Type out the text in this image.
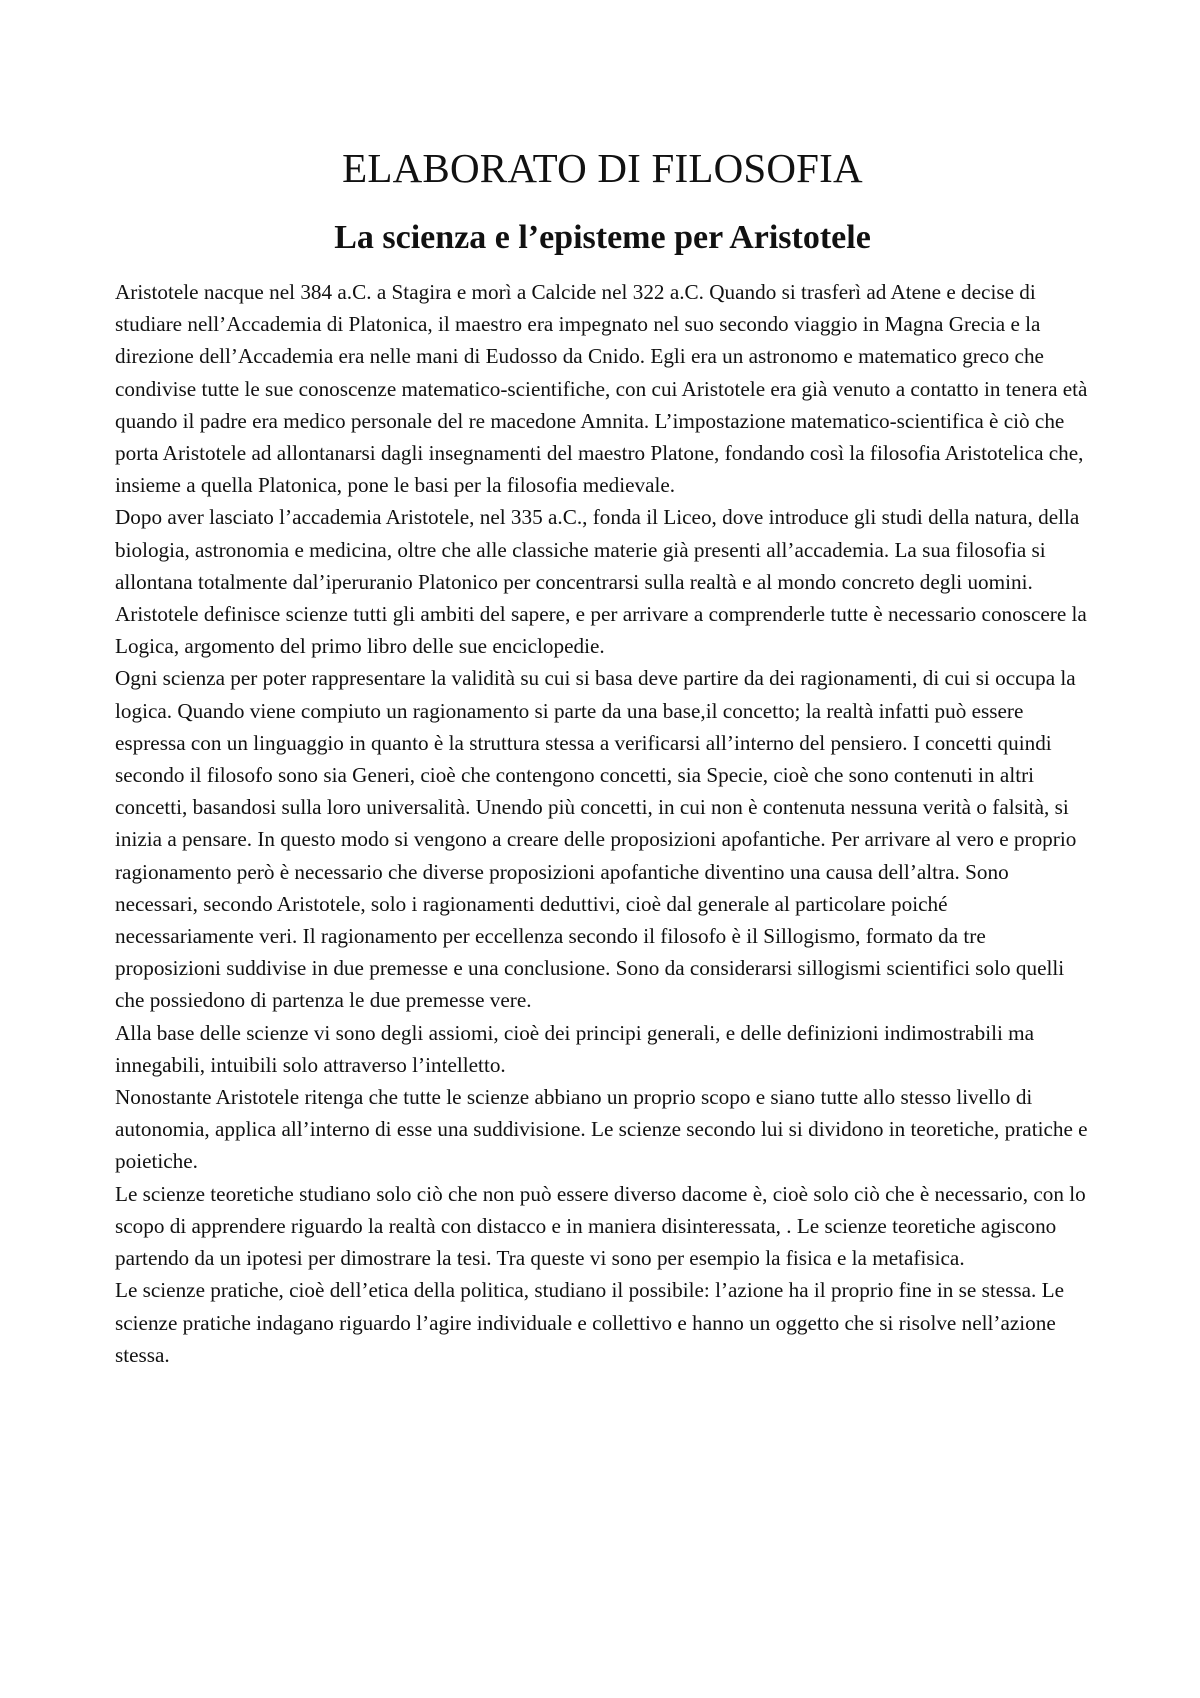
ELABORATO DI FILOSOFIA
La scienza e l’episteme per Aristotele

Aristotele nacque nel 384 a.C. a Stagira e morì a Calcide nel 322 a.C. Quando si trasferì ad Atene e decise di studiare nell’Accademia di Platonica, il maestro era impegnato nel suo secondo viaggio in Magna Grecia e la direzione dell’Accademia era nelle mani di Eudosso da Cnido. Egli era un astronomo e matematico greco che condivise tutte le sue conoscenze matematico-scientifiche, con cui Aristotele era già venuto a contatto in tenera età quando il padre era medico personale del re macedone Amnita. L’impostazione matematico-scientifica è ciò che porta Aristotele ad allontanarsi dagli insegnamenti del maestro Platone, fondando così la filosofia Aristotelica che, insieme a quella Platonica, pone le basi per la filosofia medievale.

Dopo aver lasciato l’accademia Aristotele, nel 335 a.C., fonda il Liceo, dove introduce gli studi della natura, della biologia, astronomia e medicina, oltre che alle classiche materie già presenti all’accademia. La sua filosofia si allontana totalmente dal’iperuranio Platonico per concentrarsi sulla realtà e al mondo concreto degli uomini.

Aristotele definisce scienze tutti gli ambiti del sapere, e per arrivare a comprenderle tutte è necessario conoscere la Logica, argomento del primo libro delle sue enciclopedie.

Ogni scienza per poter rappresentare la validità su cui si basa deve partire da dei ragionamenti, di cui si occupa la logica. Quando viene compiuto un ragionamento si parte da una base,il concetto; la realtà infatti può essere espressa con un linguaggio in quanto è la struttura stessa a verificarsi all’interno del pensiero. I concetti quindi secondo il filosofo sono sia Generi, cioè che contengono concetti, sia Specie, cioè che sono contenuti in altri concetti, basandosi sulla loro universalità. Unendo più concetti, in cui non è contenuta nessuna verità o falsità, si inizia a pensare. In questo modo si vengono a creare delle proposizioni apofantiche. Per arrivare al vero e proprio ragionamento però è necessario che diverse proposizioni apofantiche diventino una causa dell’altra. Sono necessari, secondo Aristotele, solo i ragionamenti deduttivi, cioè dal generale al particolare poiché necessariamente veri. Il ragionamento per eccellenza secondo il filosofo è il Sillogismo, formato da tre proposizioni suddivise in due premesse e una conclusione. Sono da considerarsi sillogismi scientifici solo quelli che possiedono di partenza le due premesse vere.

Alla base delle scienze vi sono degli assiomi, cioè dei principi generali, e delle definizioni indimostrabili ma innegabili, intuibili solo attraverso l’intelletto.

Nonostante Aristotele ritenga che tutte le scienze abbiano un proprio scopo e siano tutte allo stesso livello di autonomia, applica all’interno di esse una suddivisione. Le scienze secondo lui si dividono in teoretiche, pratiche e poietiche.

Le scienze teoretiche studiano solo ciò che non può essere diverso dacome è, cioè solo ciò che è necessario, con lo scopo di apprendere riguardo la realtà con distacco e in maniera disinteressata, . Le scienze teoretiche agiscono partendo da un ipotesi per dimostrare la tesi. Tra queste vi sono per esempio la fisica e la metafisica.

Le scienze pratiche, cioè dell’etica della politica, studiano il possibile: l’azione ha il proprio fine in se stessa. Le scienze pratiche indagano riguardo l’agire individuale e collettivo e hanno un oggetto che si risolve nell’azione stessa.
